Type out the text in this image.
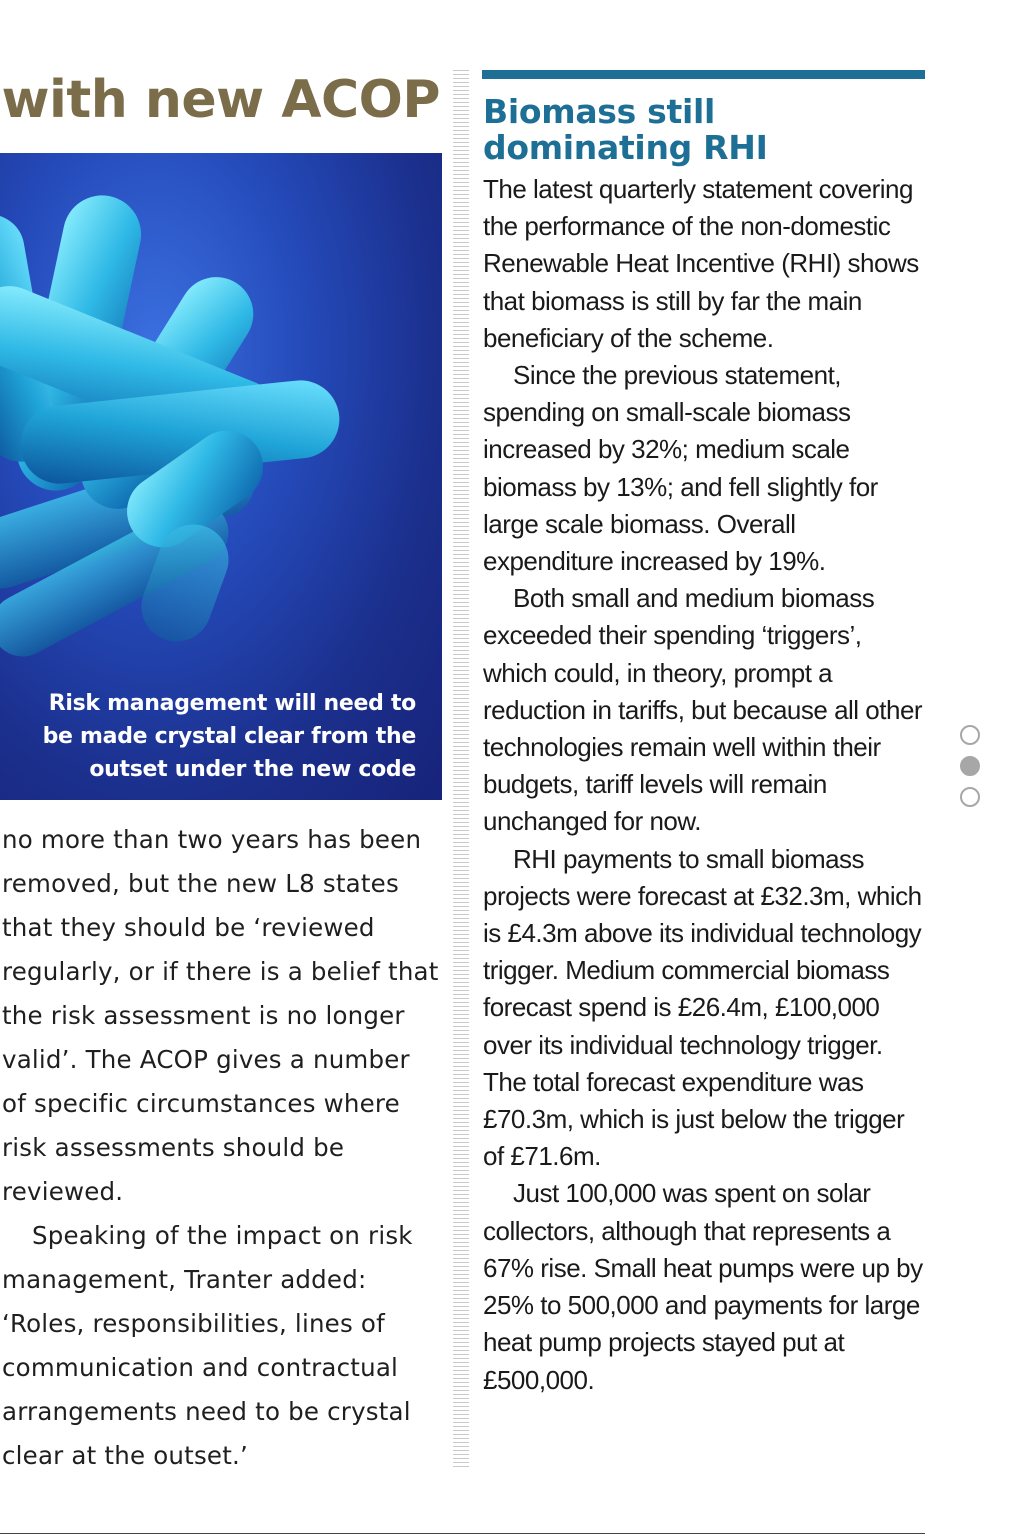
with new ACOP

Risk management will need to be made crystal clear from the outset under the new code

no more than two years has been removed, but the new L8 states that they should be ‘reviewed regularly, or if there is a belief that the risk assessment is no longer valid’. The ACOP gives a number of specific circumstances where risk assessments should be reviewed.

Speaking of the impact on risk management, Tranter added: ‘Roles, responsibilities, lines of communication and contractual arrangements need to be crystal clear at the outset.’

Biomass still dominating RHI

The latest quarterly statement covering the performance of the non-domestic Renewable Heat Incentive (RHI) shows that biomass is still by far the main beneficiary of the scheme.

Since the previous statement, spending on small-scale biomass increased by 32%; medium scale biomass by 13%; and fell slightly for large scale biomass. Overall expenditure increased by 19%.

Both small and medium biomass exceeded their spending ‘triggers’, which could, in theory, prompt a reduction in tariffs, but because all other technologies remain well within their budgets, tariff levels will remain unchanged for now.

RHI payments to small biomass projects were forecast at £32.3m, which is £4.3m above its individual technology trigger. Medium commercial biomass forecast spend is £26.4m, £100,000 over its individual technology trigger. The total forecast expenditure was £70.3m, which is just below the trigger of £71.6m.

Just 100,000 was spent on solar collectors, although that represents a 67% rise. Small heat pumps were up by 25% to 500,000 and payments for large heat pump projects stayed put at £500,000.
